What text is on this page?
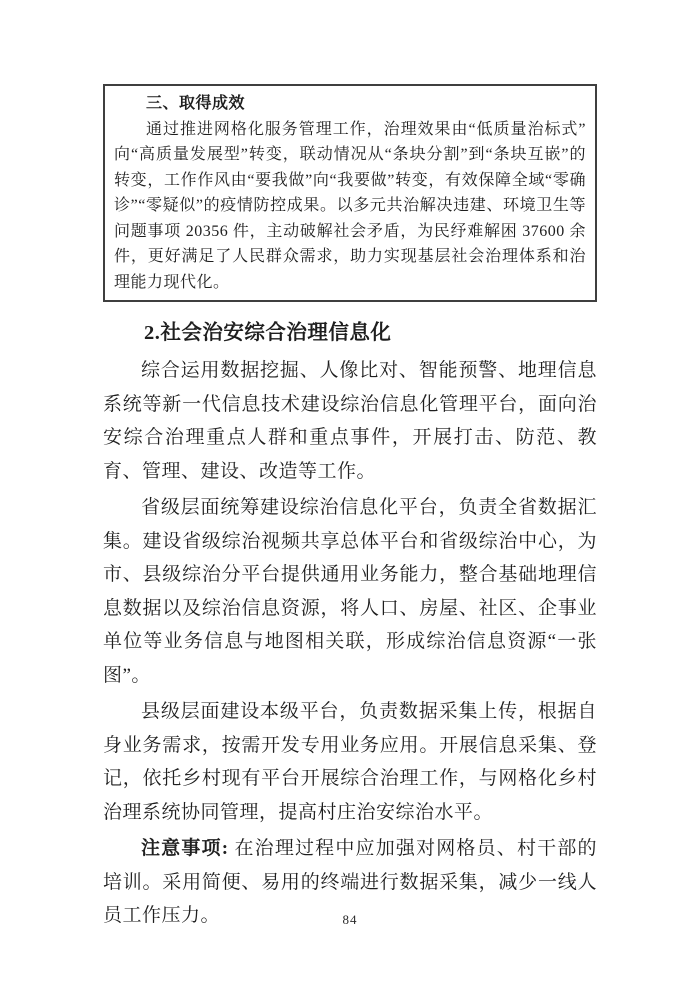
三、取得成效

通过推进网格化服务管理工作，治理效果由“低质量治标式”向“高质量发展型”转变，联动情况从“条块分割”到“条块互嵌”的转变，工作作风由“要我做”向“我要做”转变，有效保障全域“零确诊”“零疑似”的疫情防控成果。以多元共治解决违建、环境卫生等问题事项 20356 件，主动破解社会矛盾，为民纾难解困 37600 余件，更好满足了人民群众需求，助力实现基层社会治理体系和治理能力现代化。

2.社会治安综合治理信息化

综合运用数据挖掘、人像比对、智能预警、地理信息系统等新一代信息技术建设综治信息化管理平台，面向治安综合治理重点人群和重点事件，开展打击、防范、教育、管理、建设、改造等工作。

省级层面统筹建设综治信息化平台，负责全省数据汇集。建设省级综治视频共享总体平台和省级综治中心，为市、县级综治分平台提供通用业务能力，整合基础地理信息数据以及综治信息资源，将人口、房屋、社区、企事业单位等业务信息与地图相关联，形成综治信息资源“一张图”。

县级层面建设本级平台，负责数据采集上传，根据自身业务需求，按需开发专用业务应用。开展信息采集、登记，依托乡村现有平台开展综合治理工作，与网格化乡村治理系统协同管理，提高村庄治安综治水平。

注意事项: 在治理过程中应加强对网格员、村干部的培训。采用简便、易用的终端进行数据采集，减少一线人员工作压力。	84
